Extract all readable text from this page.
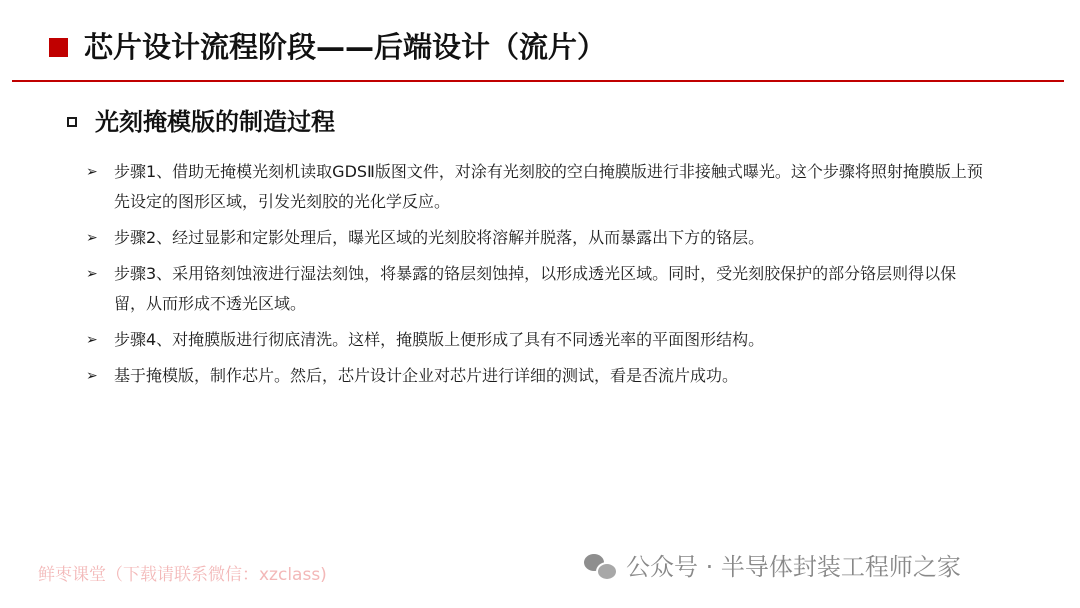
芯片设计流程阶段——后端设计（流片）
光刻掩模版的制造过程
➢ 步骤1、借助无掩模光刻机读取GDSⅡ版图文件，对涂有光刻胶的空白掩膜版进行非接触式曝光。这个步骤将照射掩膜版上预先设定的图形区域，引发光刻胶的光化学反应。
➢ 步骤2、经过显影和定影处理后，曝光区域的光刻胶将溶解并脱落，从而暴露出下方的铬层。
➢ 步骤3、采用铬刻蚀液进行湿法刻蚀，将暴露的铬层刻蚀掉，以形成透光区域。同时，受光刻胶保护的部分铬层则得以保留，从而形成不透光区域。
➢ 步骤4、对掩膜版进行彻底清洗。这样，掩膜版上便形成了具有不同透光率的平面图形结构。
➢ 基于掩模版，制作芯片。然后，芯片设计企业对芯片进行详细的测试，看是否流片成功。
鲜枣课堂（下载请联系微信：xzclass)	公众号 · 半导体封装工程师之家
